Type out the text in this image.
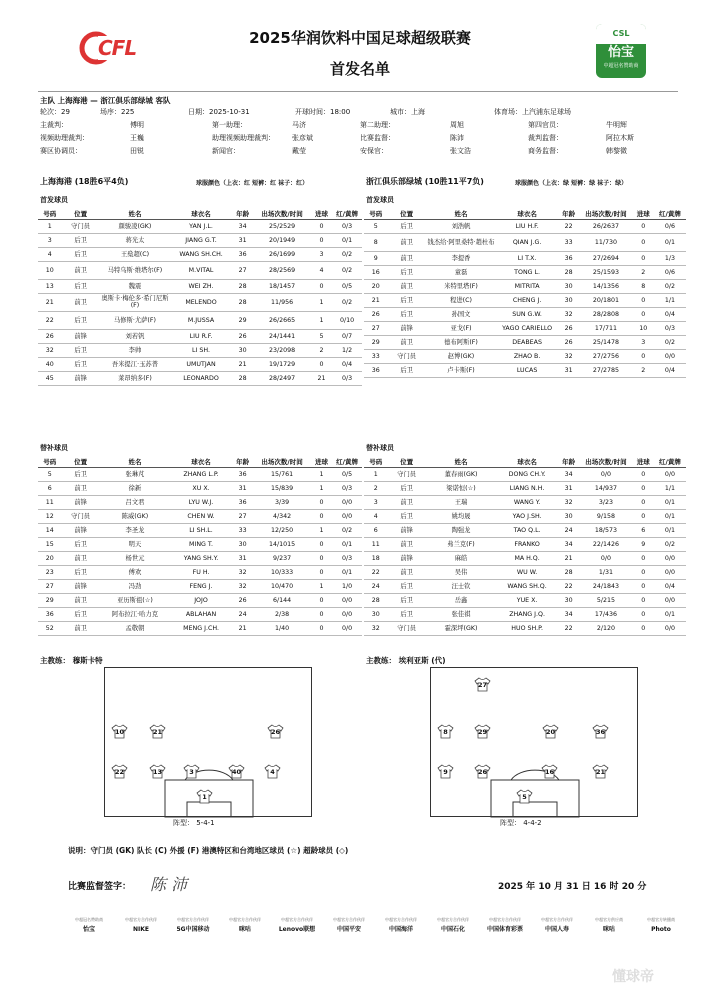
CFL
CSL
怡宝
中超冠名赞助商
2025华润饮料中国足球超级联赛
首发名单
主队 上海海港 — 浙江俱乐部绿城 客队
轮次：29	场序：225	日期：2025-10-31	开球时间：18:00	城市：上海	体育场：上汽浦东足球场
主裁判：	傅明	第一助理：	马济	第二助理：	周旭	第四官员：	牛明辉
视频助理裁判：	王巍	助理视频助理裁判： 张彦斌	比赛监督：	陈沛	裁判监督：	阿拉木斯
赛区协调员：	田锐	新闻官：	戴莹	安保官：	张文浩	商务监督：	韩黎微
上海海港 (18胜6平4负)	球服颜色（上衣：红 短裤：红 袜子：红）	浙江俱乐部绿城 (10胜11平7负)	球服颜色（上衣：绿 短裤：绿 袜子：绿）
首发球员	首发球员
号码	位置	姓名	球衣名	年龄	出场次数/时间	进球	红/黄牌
1	守门员	颜骏凌(GK)	YAN J.L.	34	25/2529	0	0/3
3	后卫	蒋光太	JIANG G.T.	31	20/1949	0	0/1
4	后卫	王燊超(C)	WANG SH.CH.	36	26/1699	3	0/2
10	前卫	马特乌斯·维塔尔(F)	M.VITAL	27	28/2569	4	0/2
13	后卫	魏震	WEI ZH.	28	18/1457	0	0/5
21	前卫	奥斯卡·梅伦多·希门尼斯(F)	MELENDO	28	11/956	1	0/2
22	后卫	马修斯·尤萨(F)	M.JUSSA	29	26/2665	1	0/10
26	前锋	刘若钒	LIU R.F.	26	24/1441	5	0/7
32	后卫	李帅	LI SH.	30	23/2098	2	1/2
40	后卫	吾米提江·玉苏普	UMUTJAN	21	19/1729	0	0/4
45	前锋	莱昂纳多(F)	LEONARDO	28	28/2497	21	0/3
号码	位置	姓名	球衣名	年龄	出场次数/时间	进球	红/黄牌
5	后卫	刘浩帆	LIU H.F.	22	26/2637	0	0/6
8	前卫	钱杰给·阿里桑特·趙杜布	QIAN J.G.	33	11/730	0	0/1
9	前卫	李提香	LI T.X.	36	27/2694	0	1/3
16	后卫	童磊	TONG L.	28	25/1593	2	0/6
20	前卫	米特里塔(F)	MITRITA	30	14/1356	8	0/2
21	后卫	程进(C)	CHENG J.	30	20/1801	0	1/1
26	后卫	孙国文	SUN G.W.	32	28/2808	0	0/4
27	前锋	亚戈(F)	YAGO CARIELLO	26	17/711	10	0/3
29	前卫	德布阿斯(F)	DEABEAS	26	25/1478	3	0/2
33	守门员	赵博(GK)	ZHAO B.	32	27/2756	0	0/0
36	后卫	卢卡斯(F)	LUCAS	31	27/2785	2	0/4
替补球员	替补球员
号码	位置	姓名	球衣名	年龄	出场次数/时间	进球	红/黄牌
5	后卫	张琳芃	ZHANG L.P.	36	15/761	1	0/5
6	前卫	徐新	XU X.	31	15/839	1	0/3
11	前锋	吕文君	LYU W.J.	36	3/39	0	0/0
12	守门员	陈威(GK)	CHEN W.	27	4/342	0	0/0
14	前锋	李圣龙	LI SH.L.	33	12/250	1	0/2
15	后卫	明天	MING T.	30	14/1015	0	0/1
20	前卫	杨世元	YANG SH.Y.	31	9/237	0	0/3
23	后卫	傅欢	FU H.	32	10/333	0	0/1
27	前锋	冯劲	FENG J.	32	10/470	1	1/0
29	前卫	亚历斯祖(☆)	JOJO	26	6/144	0	0/0
36	后卫	阿布拉江·哈力克	ABLAHAN	24	2/38	0	0/0
52	前卫	孟敬朝	MENG J.CH.	21	1/40	0	0/0
号码	位置	姓名	球衣名	年龄	出场次数/时间	进球	红/黄牌
1	守门员	董春雨(GK)	DONG CH.Y.	34	0/0	0	0/0
2	后卫	梁诺恒(☆)	LIANG N.H.	31	14/937	0	1/1
3	前卫	王瑞	WANG Y.	32	3/23	0	0/1
4	后卫	姚均晟	YAO J.SH.	30	9/158	0	0/1
6	前锋	陶强龙	TAO Q.L.	24	18/573	6	0/1
11	前卫	弗兰克(F)	FRANKO	34	22/1426	9	0/2
18	前锋	麻皓	MA H.Q.	21	0/0	0	0/0
22	前卫	吴伟	WU W.	28	1/31	0	0/0
24	后卫	汪士钦	WANG SH.Q.	22	24/1843	0	0/4
28	后卫	岳鑫	YUE X.	30	5/215	0	0/0
30	后卫	张佳祺	ZHANG J.Q.	34	17/436	0	0/1
32	守门员	霍深坪(GK)	HUO SH.P.	22	2/120	0	0/0
主教练： 穆斯卡特	主教练： 埃利亚斯 (代)
10	21	26
22	13	3	40	4
1
27
29
8	20	36
9	26	16	21
5
阵型： 5-4-1	阵型： 4-4-2
说明：守门员 (GK) 队长 (C) 外援 (F) 港澳特区和台湾地区球员 (☆) 超龄球员 (◇)
比赛监督签字： 陈 沛	2025 年 10 月 31 日 16 时 20 分
中超冠名赞助商
怡宝
中超官方合作伙伴
NIKE
中超官方合作伙伴
5G中国移动
中超官方合作伙伴
咪咕
中超官方合作伙伴
Lenovo联想
中超官方合作伙伴
中国平安
中超官方合作伙伴
中国海洋
中超官方合作伙伴
中国石化
中超官方合作伙伴
中国体育彩票
中超官方合作伙伴
中国人寿
中超官方供应商
咪咕
中超官方转播商
Photo
懂球帝
